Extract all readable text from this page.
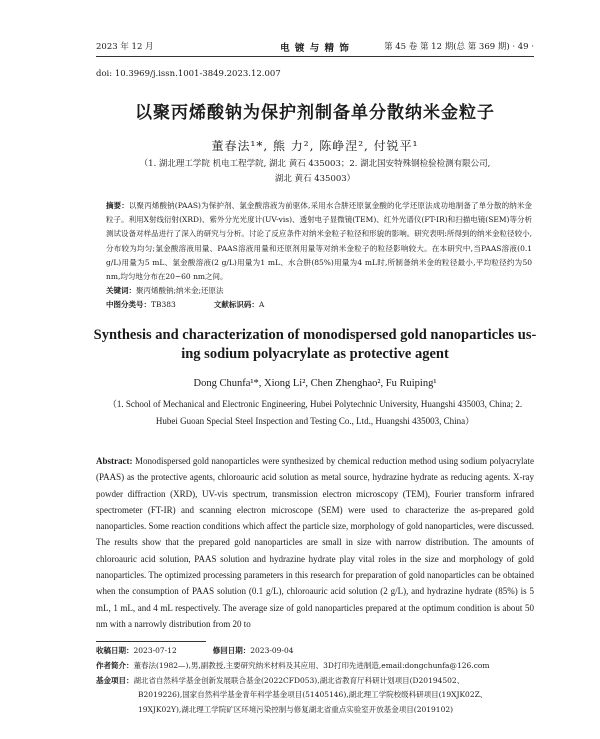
2023 年 12 月	电 镀 与 精 饰	第 45 卷 第 12 期(总 第 369 期) · 49 ·
doi: 10.3969/j.issn.1001-3849.2023.12.007
以聚丙烯酸钠为保护剂制备单分散纳米金粒子
董春法¹*, 熊 力², 陈峥涅², 付锐平¹
（1. 湖北理工学院 机电工程学院, 湖北 黄石 435003；2. 湖北国安特殊钢检验检测有限公司,
湖北 黄石 435003）
摘要：以聚丙烯酸钠(PAAS)为保护剂、氯金酸溶液为前驱体,采用水合肼还原氯金酸的化学还原法成功地制备了单分散的纳米金粒子。利用X射线衍射(XRD)、紫外分光光度计(UV-vis)、透射电子显微镜(TEM)、红外光谱仪(FT-IR)和扫描电镜(SEM)等分析测试设备对样品进行了深入的研究与分析。讨论了反应条件对纳米金粒子粒径和形貌的影响。研究表明:所得到的纳米金粒径较小,分布较为均匀;氯金酸溶液用量、PAAS溶液用量和还原剂用量等对纳米金粒子的粒径影响较大。在本研究中,当PAAS溶液(0.1 g/L)用量为5 mL、氯金酸溶液(2 g/L)用量为1 mL、水合肼(85%)用量为4 mL时,所制备纳米金的粒径最小,平均粒径约为50 nm,均匀地分布在20~60 nm之间。
关键词：聚丙烯酸钠;纳米金;还原法
中图分类号：TB383	文献标识码：A
Synthesis and characterization of monodispersed gold nanoparticles us-
ing sodium polyacrylate as protective agent
Dong Chunfa¹*, Xiong Li², Chen Zhenghao², Fu Ruiping¹
（1. School of Mechanical and Electronic Engineering, Hubei Polytechnic University, Huangshi 435003, China; 2. Hubei Guoan Special Steel Inspection and Testing Co., Ltd., Huangshi 435003, China）
Abstract: Monodispersed gold nanoparticles were synthesized by chemical reduction method using sodium polyacrylate (PAAS) as the protective agents, chloroauric acid solution as metal source, hydrazine hydrate as reducing agents. X-ray powder diffraction (XRD), UV-vis spectrum, transmission electron microscopy (TEM), Fourier transform infrared spectrometer (FT-IR) and scanning electron microscope (SEM) were used to characterize the as-prepared gold nanoparticles. Some reaction conditions which affect the particle size, morphology of gold nanoparticles, were discussed. The results show that the prepared gold nanoparticles are small in size with narrow distribution. The amounts of chloroauric acid solution, PAAS solution and hydrazine hydrate play vital roles in the size and morphology of gold nanoparticles. The optimized processing parameters in this research for preparation of gold nanoparticles can be obtained when the consumption of PAAS solution (0.1 g/L), chloroauric acid solution (2 g/L), and hydrazine hydrate (85%) is 5 mL, 1 mL, and 4 mL respectively. The average size of gold nanoparticles prepared at the optimum condition is about 50 nm with a narrowly distribution from 20 to
收稿日期：2023-07-12	修回日期：2023-09-04
作者简介：董春法(1982—),男,副教授,主要研究纳米材料及其应用、3D打印先进制造,email:dongchunfa@126.com
基金项目：湖北省自然科学基金创新发展联合基金(2022CFD053),湖北省教育厅科研计划项目(D20194502、
B2019226),国家自然科学基金青年科学基金项目(51405146),湖北理工学院校级科研项目(19XJK02Z、
19XJK02Y),湖北理工学院矿区环境污染控制与修复湖北省重点实验室开放基金项目(2019102)
